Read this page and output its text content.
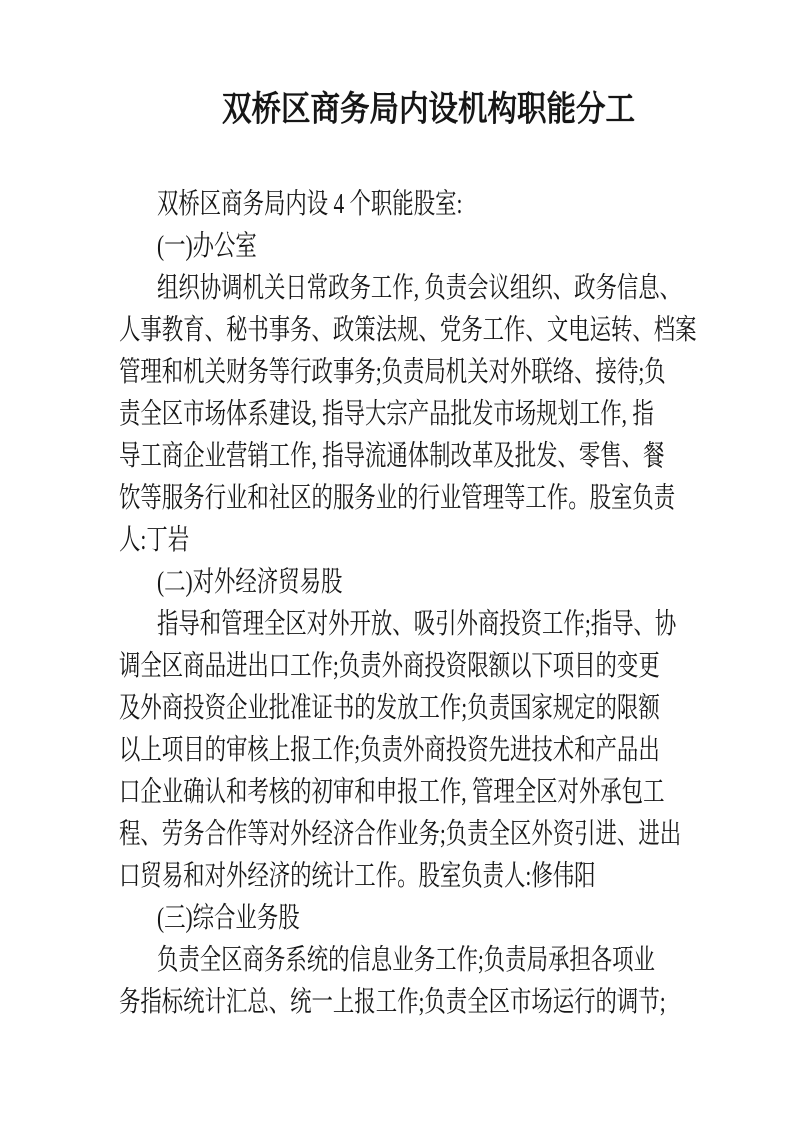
双桥区商务局内设机构职能分工
双桥区商务局内设 4 个职能股室:
(一)办公室
组织协调机关日常政务工作, 负责会议组织、政务信息、
人事教育、秘书事务、政策法规、党务工作、文电运转、档案
管理和机关财务等行政事务;负责局机关对外联络、接待;负
责全区市场体系建设, 指导大宗产品批发市场规划工作, 指
导工商企业营销工作, 指导流通体制改革及批发、零售、餐
饮等服务行业和社区的服务业的行业管理等工作。股室负责
人:丁岩
(二)对外经济贸易股
指导和管理全区对外开放、吸引外商投资工作;指导、协
调全区商品进出口工作;负责外商投资限额以下项目的变更
及外商投资企业批准证书的发放工作;负责国家规定的限额
以上项目的审核上报工作;负责外商投资先进技术和产品出
口企业确认和考核的初审和申报工作, 管理全区对外承包工
程、劳务合作等对外经济合作业务;负责全区外资引进、进出
口贸易和对外经济的统计工作。股室负责人:修伟阳
(三)综合业务股
负责全区商务系统的信息业务工作;负责局承担各项业
务指标统计汇总、统一上报工作;负责全区市场运行的调节;
